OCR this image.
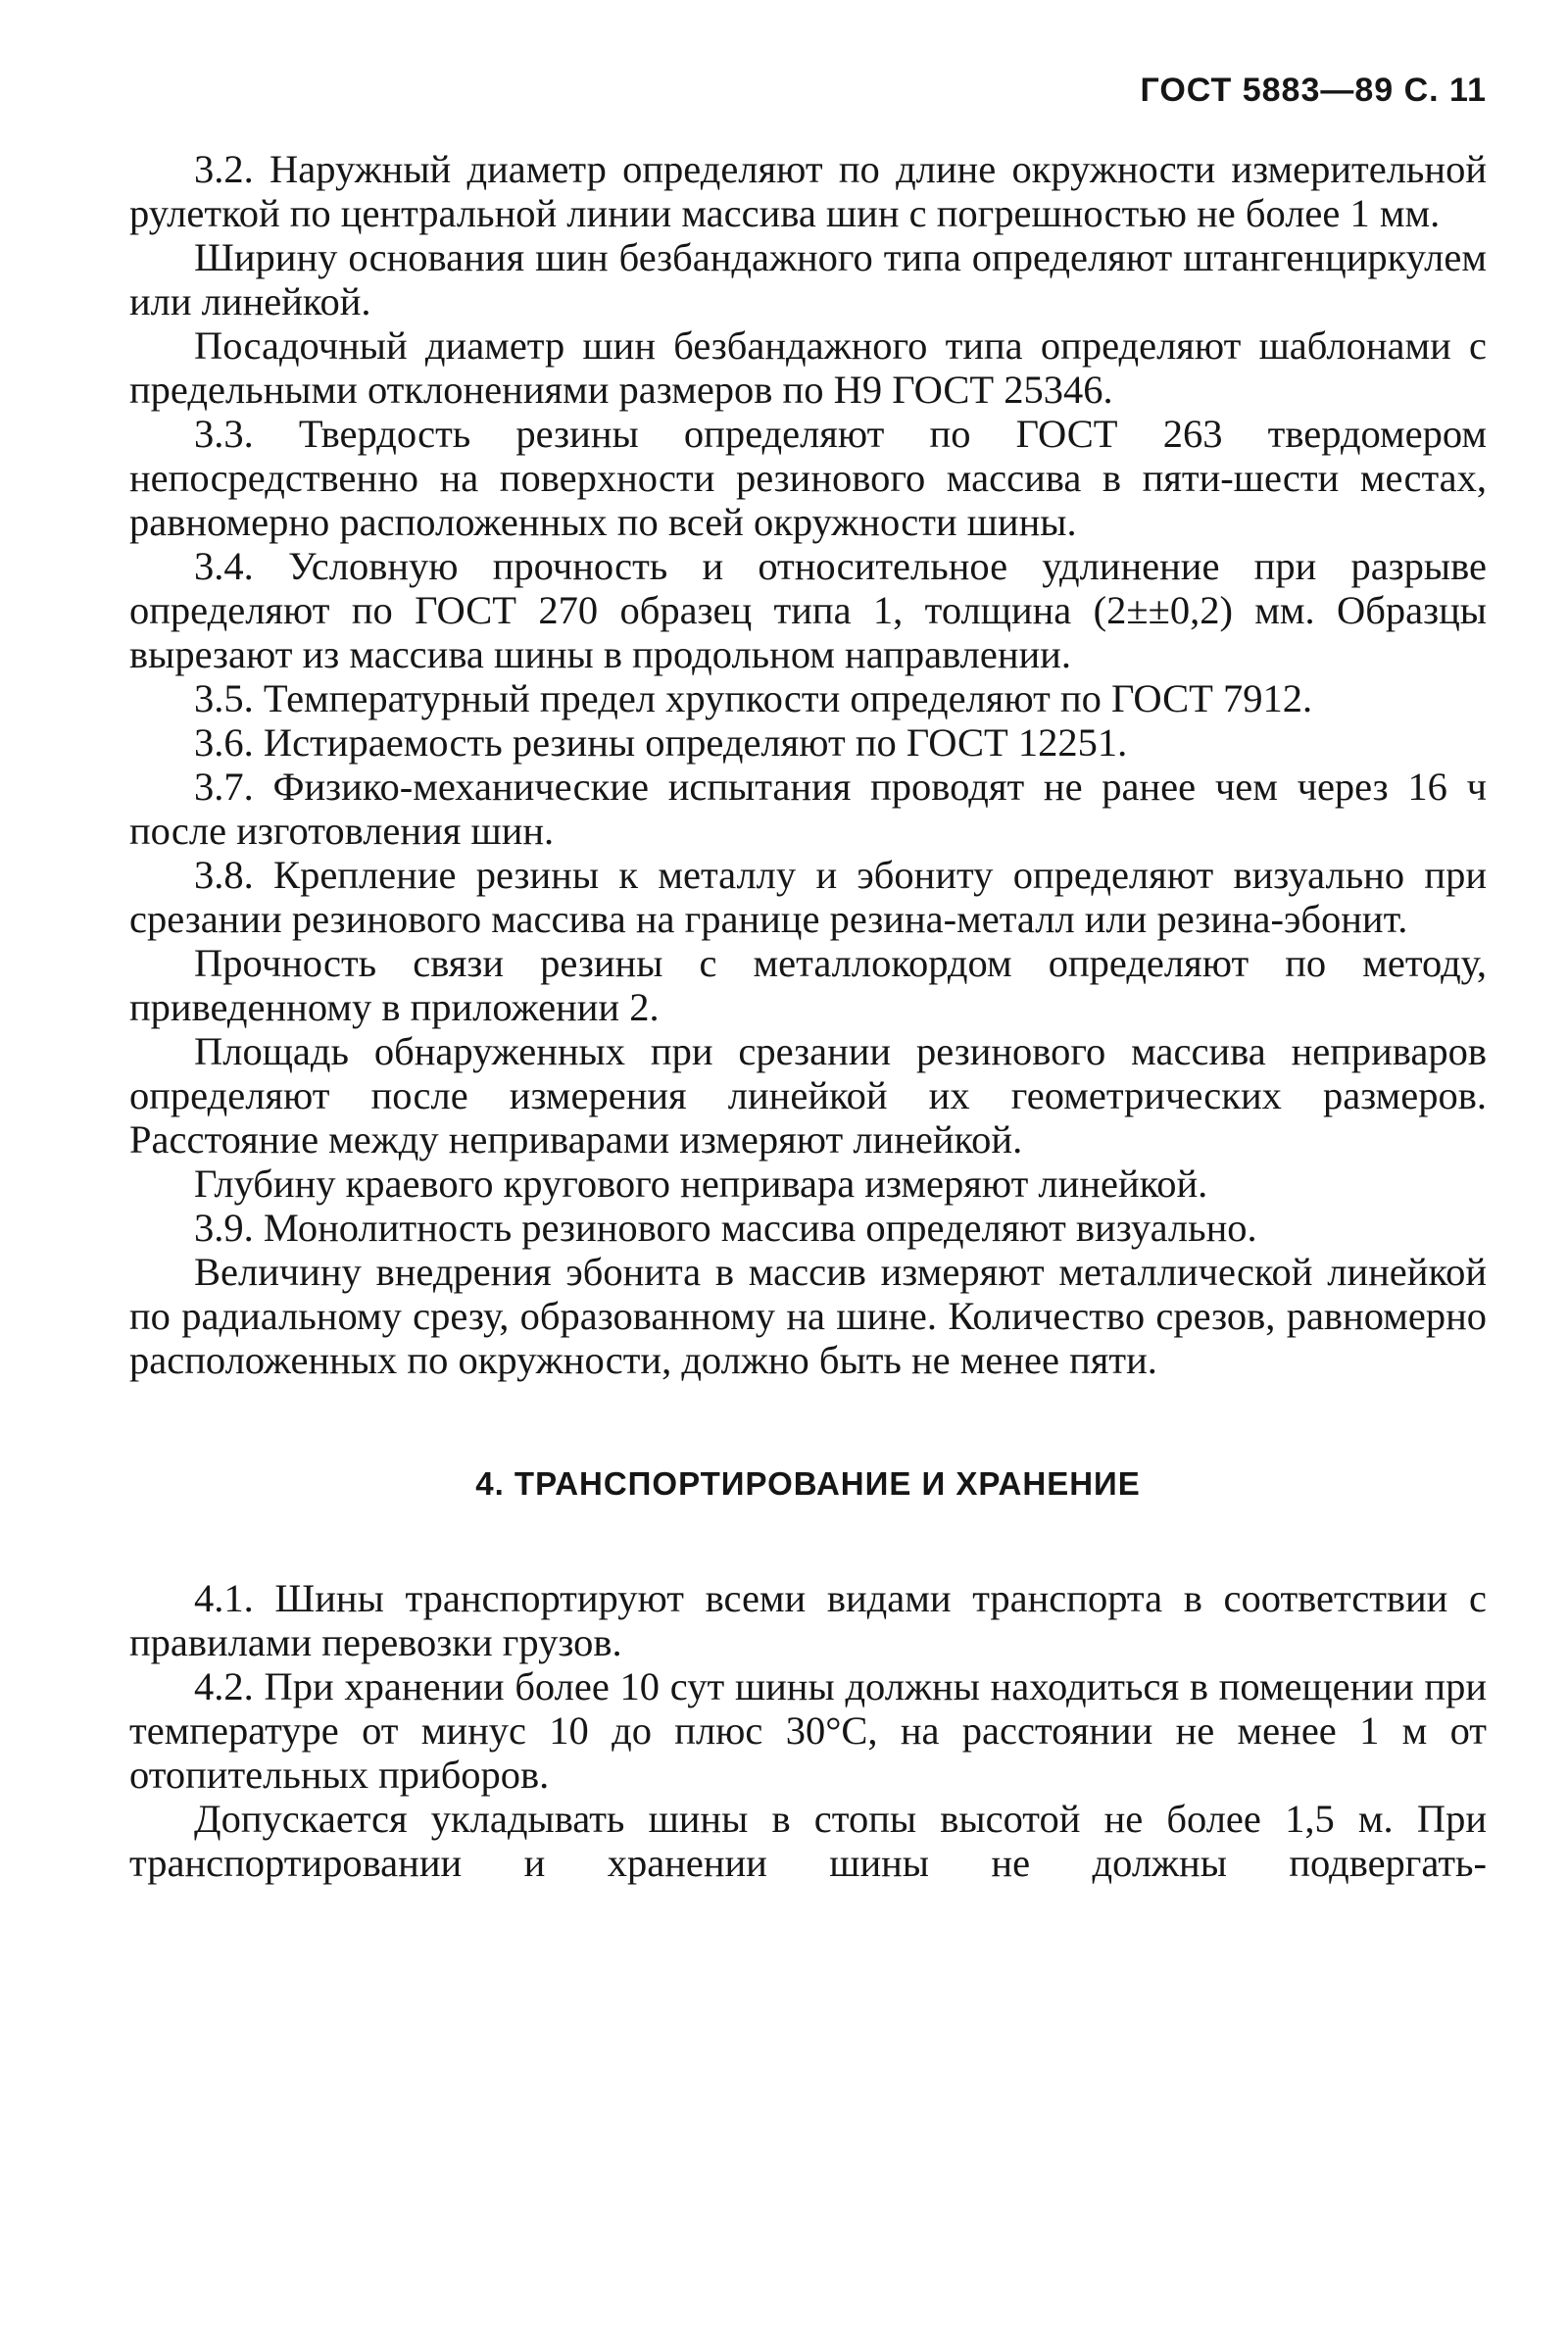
ГОСТ 5883—89 С. 11

3.2. Наружный диаметр определяют по длине окружности измерительной рулеткой по центральной линии массива шин с погрешностью не более 1 мм.

Ширину основания шин безбандажного типа определяют штангенциркулем или линейкой.

Посадочный диаметр шин безбандажного типа определяют шаблонами с предельными отклонениями размеров по Н9 ГОСТ 25346.

3.3. Твердость резины определяют по ГОСТ 263 твердомером непосредственно на поверхности резинового массива в пяти-шести местах, равномерно расположенных по всей окружности шины.

3.4. Условную прочность и относительное удлинение при разрыве определяют по ГОСТ 270 образец типа 1, толщина (2±±0,2) мм. Образцы вырезают из массива шины в продольном направлении.

3.5. Температурный предел хрупкости определяют по ГОСТ 7912.

3.6. Истираемость резины определяют по ГОСТ 12251.

3.7. Физико-механические испытания проводят не ранее чем через 16 ч после изготовления шин.

3.8. Крепление резины к металлу и эбониту определяют визуально при срезании резинового массива на границе резина-металл или резина-эбонит.

Прочность связи резины с металлокордом определяют по методу, приведенному в приложении 2.

Площадь обнаруженных при срезании резинового массива неприваров определяют после измерения линейкой их геометрических размеров. Расстояние между неприварами измеряют линейкой.

Глубину краевого кругового непривара измеряют линейкой.

3.9. Монолитность резинового массива определяют визуально.

Величину внедрения эбонита в массив измеряют металлической линейкой по радиальному срезу, образованному на шине. Количество срезов, равномерно расположенных по окружности, должно быть не менее пяти.

4. ТРАНСПОРТИРОВАНИЕ И ХРАНЕНИЕ

4.1. Шины транспортируют всеми видами транспорта в соответствии с правилами перевозки грузов.

4.2. При хранении более 10 сут шины должны находиться в помещении при температуре от минус 10 до плюс 30°С, на расстоянии не менее 1 м от отопительных приборов.

Допускается укладывать шины в стопы высотой не более 1,5 м. При транспортировании и хранении шины не должны подвергать-
